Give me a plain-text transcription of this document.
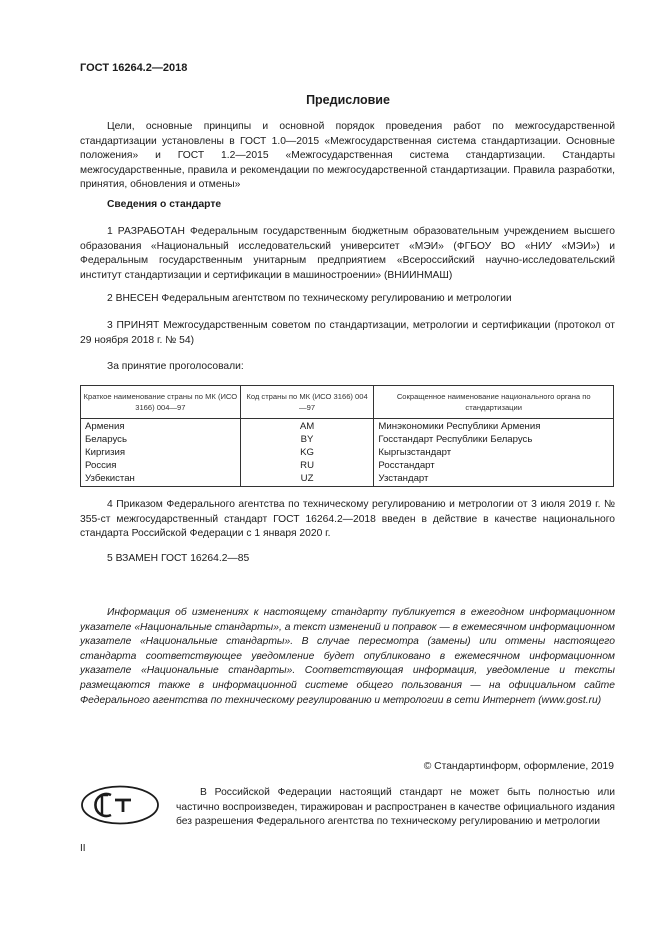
ГОСТ 16264.2—2018
Предисловие
Цели, основные принципы и основной порядок проведения работ по межгосударственной стандартизации установлены в ГОСТ 1.0—2015 «Межгосударственная система стандартизации. Основные положения» и ГОСТ 1.2—2015 «Межгосударственная система стандартизации. Стандарты межгосударственные, правила и рекомендации по межгосударственной стандартизации. Правила разработки, принятия, обновления и отмены»
Сведения о стандарте
1 РАЗРАБОТАН Федеральным государственным бюджетным образовательным учреждением высшего образования «Национальный исследовательский университет «МЭИ» (ФГБОУ ВО «НИУ «МЭИ») и Федеральным государственным унитарным предприятием «Всероссийский научно-исследовательский институт стандартизации и сертификации в машиностроении» (ВНИИНМАШ)
2 ВНЕСЕН Федеральным агентством по техническому регулированию и метрологии
3 ПРИНЯТ Межгосударственным советом по стандартизации, метрологии и сертификации (протокол от 29 ноября 2018 г. № 54)
За принятие проголосовали:
Краткое наименование страны по МК (ИСО 3166) 004—97	Код страны по МК (ИСО 3166) 004—97	Сокращенное наименование национального органа по стандартизации
Армения	AM	Минэкономики Республики Армения
Беларусь	BY	Госстандарт Республики Беларусь
Киргизия	KG	Кыргызстандарт
Россия	RU	Росстандарт
Узбекистан	UZ	Узстандарт
4 Приказом Федерального агентства по техническому регулированию и метрологии от 3 июля 2019 г. № 355-ст межгосударственный стандарт ГОСТ 16264.2—2018 введен в действие в качестве национального стандарта Российской Федерации с 1 января 2020 г.
5 ВЗАМЕН ГОСТ 16264.2—85
Информация об изменениях к настоящему стандарту публикуется в ежегодном информационном указателе «Национальные стандарты», а текст изменений и поправок — в ежемесячном информационном указателе «Национальные стандарты». В случае пересмотра (замены) или отмены настоящего стандарта соответствующее уведомление будет опубликовано в ежемесячном информационном указателе «Национальные стандарты». Соответствующая информация, уведомление и тексты размещаются также в информационной системе общего пользования — на официальном сайте Федерального агентства по техническому регулированию и метрологии в сети Интернет (www.gost.ru)
© Стандартинформ, оформление, 2019
В Российской Федерации настоящий стандарт не может быть полностью или частично воспроизведен, тиражирован и распространен в качестве официального издания без разрешения Федерального агентства по техническому регулированию и метрологии
II
